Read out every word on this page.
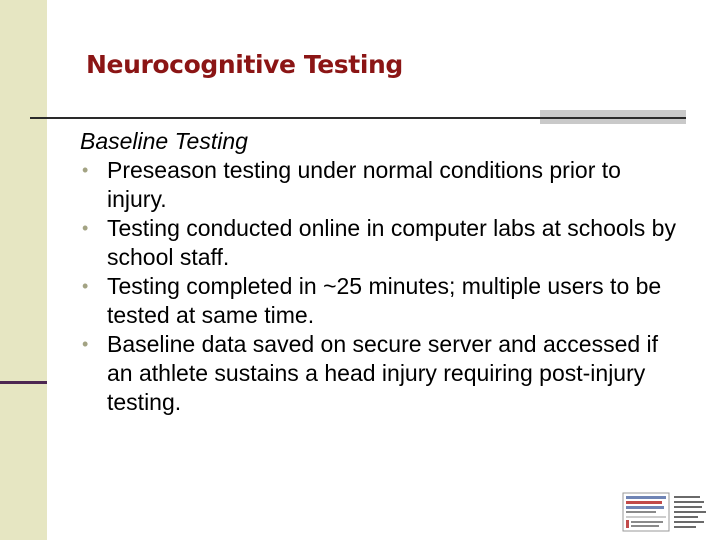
Neurocognitive Testing
Baseline Testing
• Preseason testing under normal conditions prior to injury.
• Testing conducted online in computer labs at schools by school staff.
• Testing completed in ~25 minutes; multiple users to be tested at same time.
• Baseline data saved on secure server and accessed if an athlete sustains a head injury requiring post-injury testing.
